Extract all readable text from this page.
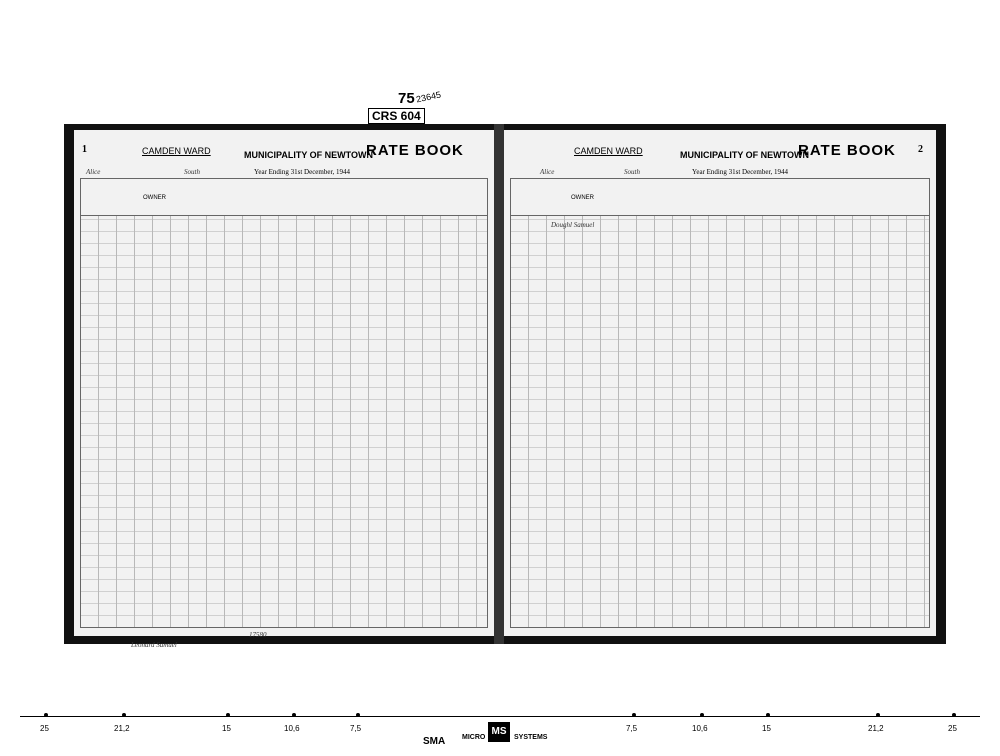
75 23645
CRS 604
1	CAMDEN WARD	MUNICIPALITY OF NEWTOWN
RATE BOOK
Year Ending 31st December, 1944
Alice	South
OWNER
17580
Leonard Samuel
CAMDEN WARD	MUNICIPALITY OF NEWTOWN
RATE BOOK 2
Year Ending 31st December, 1944
Alice	South
OWNER
Doughl Samuel
25	21,2	15	10,6	7,5	7,5	10,6	15	21,2	25
SMA MICRO
MS
SYSTEMS
